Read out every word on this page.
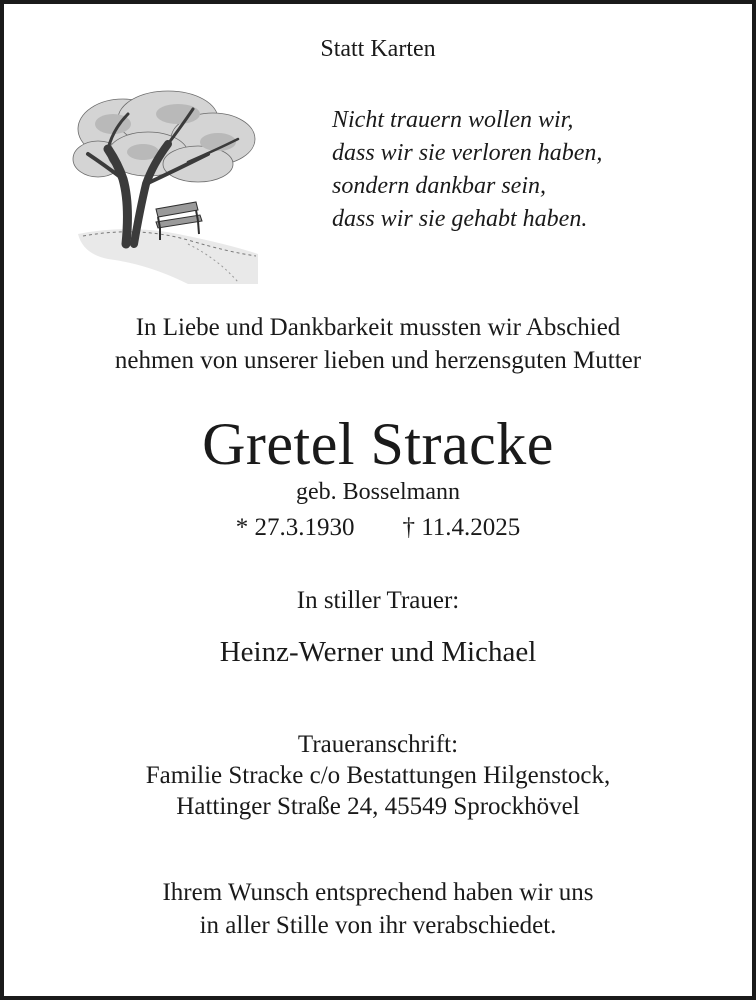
Statt Karten
Nicht trauern wollen wir,
dass wir sie verloren haben,
sondern dankbar sein,
dass wir sie gehabt haben.
In Liebe und Dankbarkeit mussten wir Abschied
nehmen von unserer lieben und herzensguten Mutter
Gretel Stracke
geb. Bosselmann
* 27.3.1930 † 11.4.2025
In stiller Trauer:
Heinz-Werner und Michael
Traueranschrift:
Familie Stracke c/o Bestattungen Hilgenstock,
Hattinger Straße 24, 45549 Sprockhövel
Ihrem Wunsch entsprechend haben wir uns
in aller Stille von ihr verabschiedet.
